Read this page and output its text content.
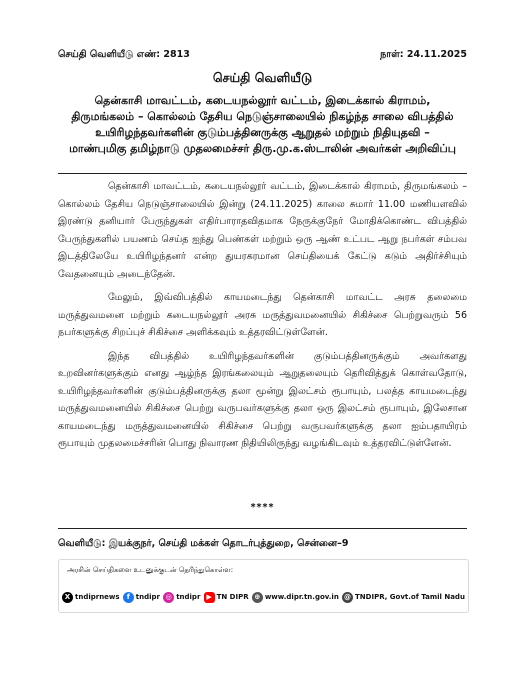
செய்தி வெளியீடு எண்: 2813	நாள்: 24.11.2025
செய்தி வெளியீடு
தென்காசி மாவட்டம், கடையநல்லூர் வட்டம், இடைக்கால் கிராமம்,
திருமங்கலம் – கொல்லம் தேசிய நெடுஞ்சாலையில் நிகழ்ந்த சாலை விபத்தில்
உயிரிழந்தவர்களின் குடும்பத்தினருக்கு ஆறுதல் மற்றும் நிதியுதவி –
மாண்புமிகு தமிழ்நாடு முதலமைச்சர் திரு.மு.க.ஸ்டாலின் அவர்கள் அறிவிப்பு

தென்காசி மாவட்டம், கடையநல்லூர் வட்டம், இடைக்கால் கிராமம், திருமங்கலம் – கொல்லம் தேசிய நெடுஞ்சாலையில் இன்று (24.11.2025) காலை சுமார் 11.00 மணியளவில் இரண்டு தனியார் பேருந்துகள் எதிர்பாராதவிதமாக நேருக்குநேர் மோதிக்கொண்ட விபத்தில் பேருந்துகளில் பயணம் செய்த ஐந்து பெண்கள் மற்றும் ஒரு ஆண் உட்பட ஆறு நபர்கள் சம்பவ இடத்திலேயே உயிரிழந்தனர் என்ற துயரகரமான செய்தியைக் கேட்டு கடும் அதிர்ச்சியும் வேதனையும் அடைந்தேன்.

மேலும், இவ்விபத்தில் காயமடைந்து தென்காசி மாவட்ட அரசு தலைமை மருத்துவமனை மற்றும் கடையநல்லூர் அரசு மருத்துவமனையில் சிகிச்சை பெற்றுவரும் 56 நபர்களுக்கு சிறப்புச் சிகிச்சை அளிக்கவும் உத்தரவிட்டுள்ளேன்.

இந்த விபத்தில் உயிரிழந்தவர்களின் குடும்பத்தினருக்கும் அவர்களது உறவினர்களுக்கும் எனது ஆழ்ந்த இரங்கலையும் ஆறுதலையும் தெரிவித்துக் கொள்வதோடு, உயிரிழந்தவர்களின் குடும்பத்தினருக்கு தலா மூன்று இலட்சம் ரூபாயும், பலத்த காயமடைந்து மருத்துவமனையில் சிகிச்சை பெற்று வருபவர்களுக்கு தலா ஒரு இலட்சம் ரூபாயும், இலேசான காயமடைந்து மருத்துவமனையில் சிகிச்சை பெற்று வருபவர்களுக்கு தலா ஐம்பதாயிரம் ரூபாயும் முதலமைச்சரின் பொது நிவாரண நிதியிலிருந்து வழங்கிடவும் உத்தரவிட்டுள்ளேன்.

****
வெளியீடு: இயக்குநர், செய்தி மக்கள் தொடர்புத்துறை, சென்னை–9
அரசின் செய்திகளை உடனுக்குடன் தெரிந்துகொள்ள:
X tndiprnews	f tndipr ◎ tndipr ▶ TN DIPR ⊕ www.dipr.tn.gov.in @ TNDIPR, Govt.of Tamil Nadu
